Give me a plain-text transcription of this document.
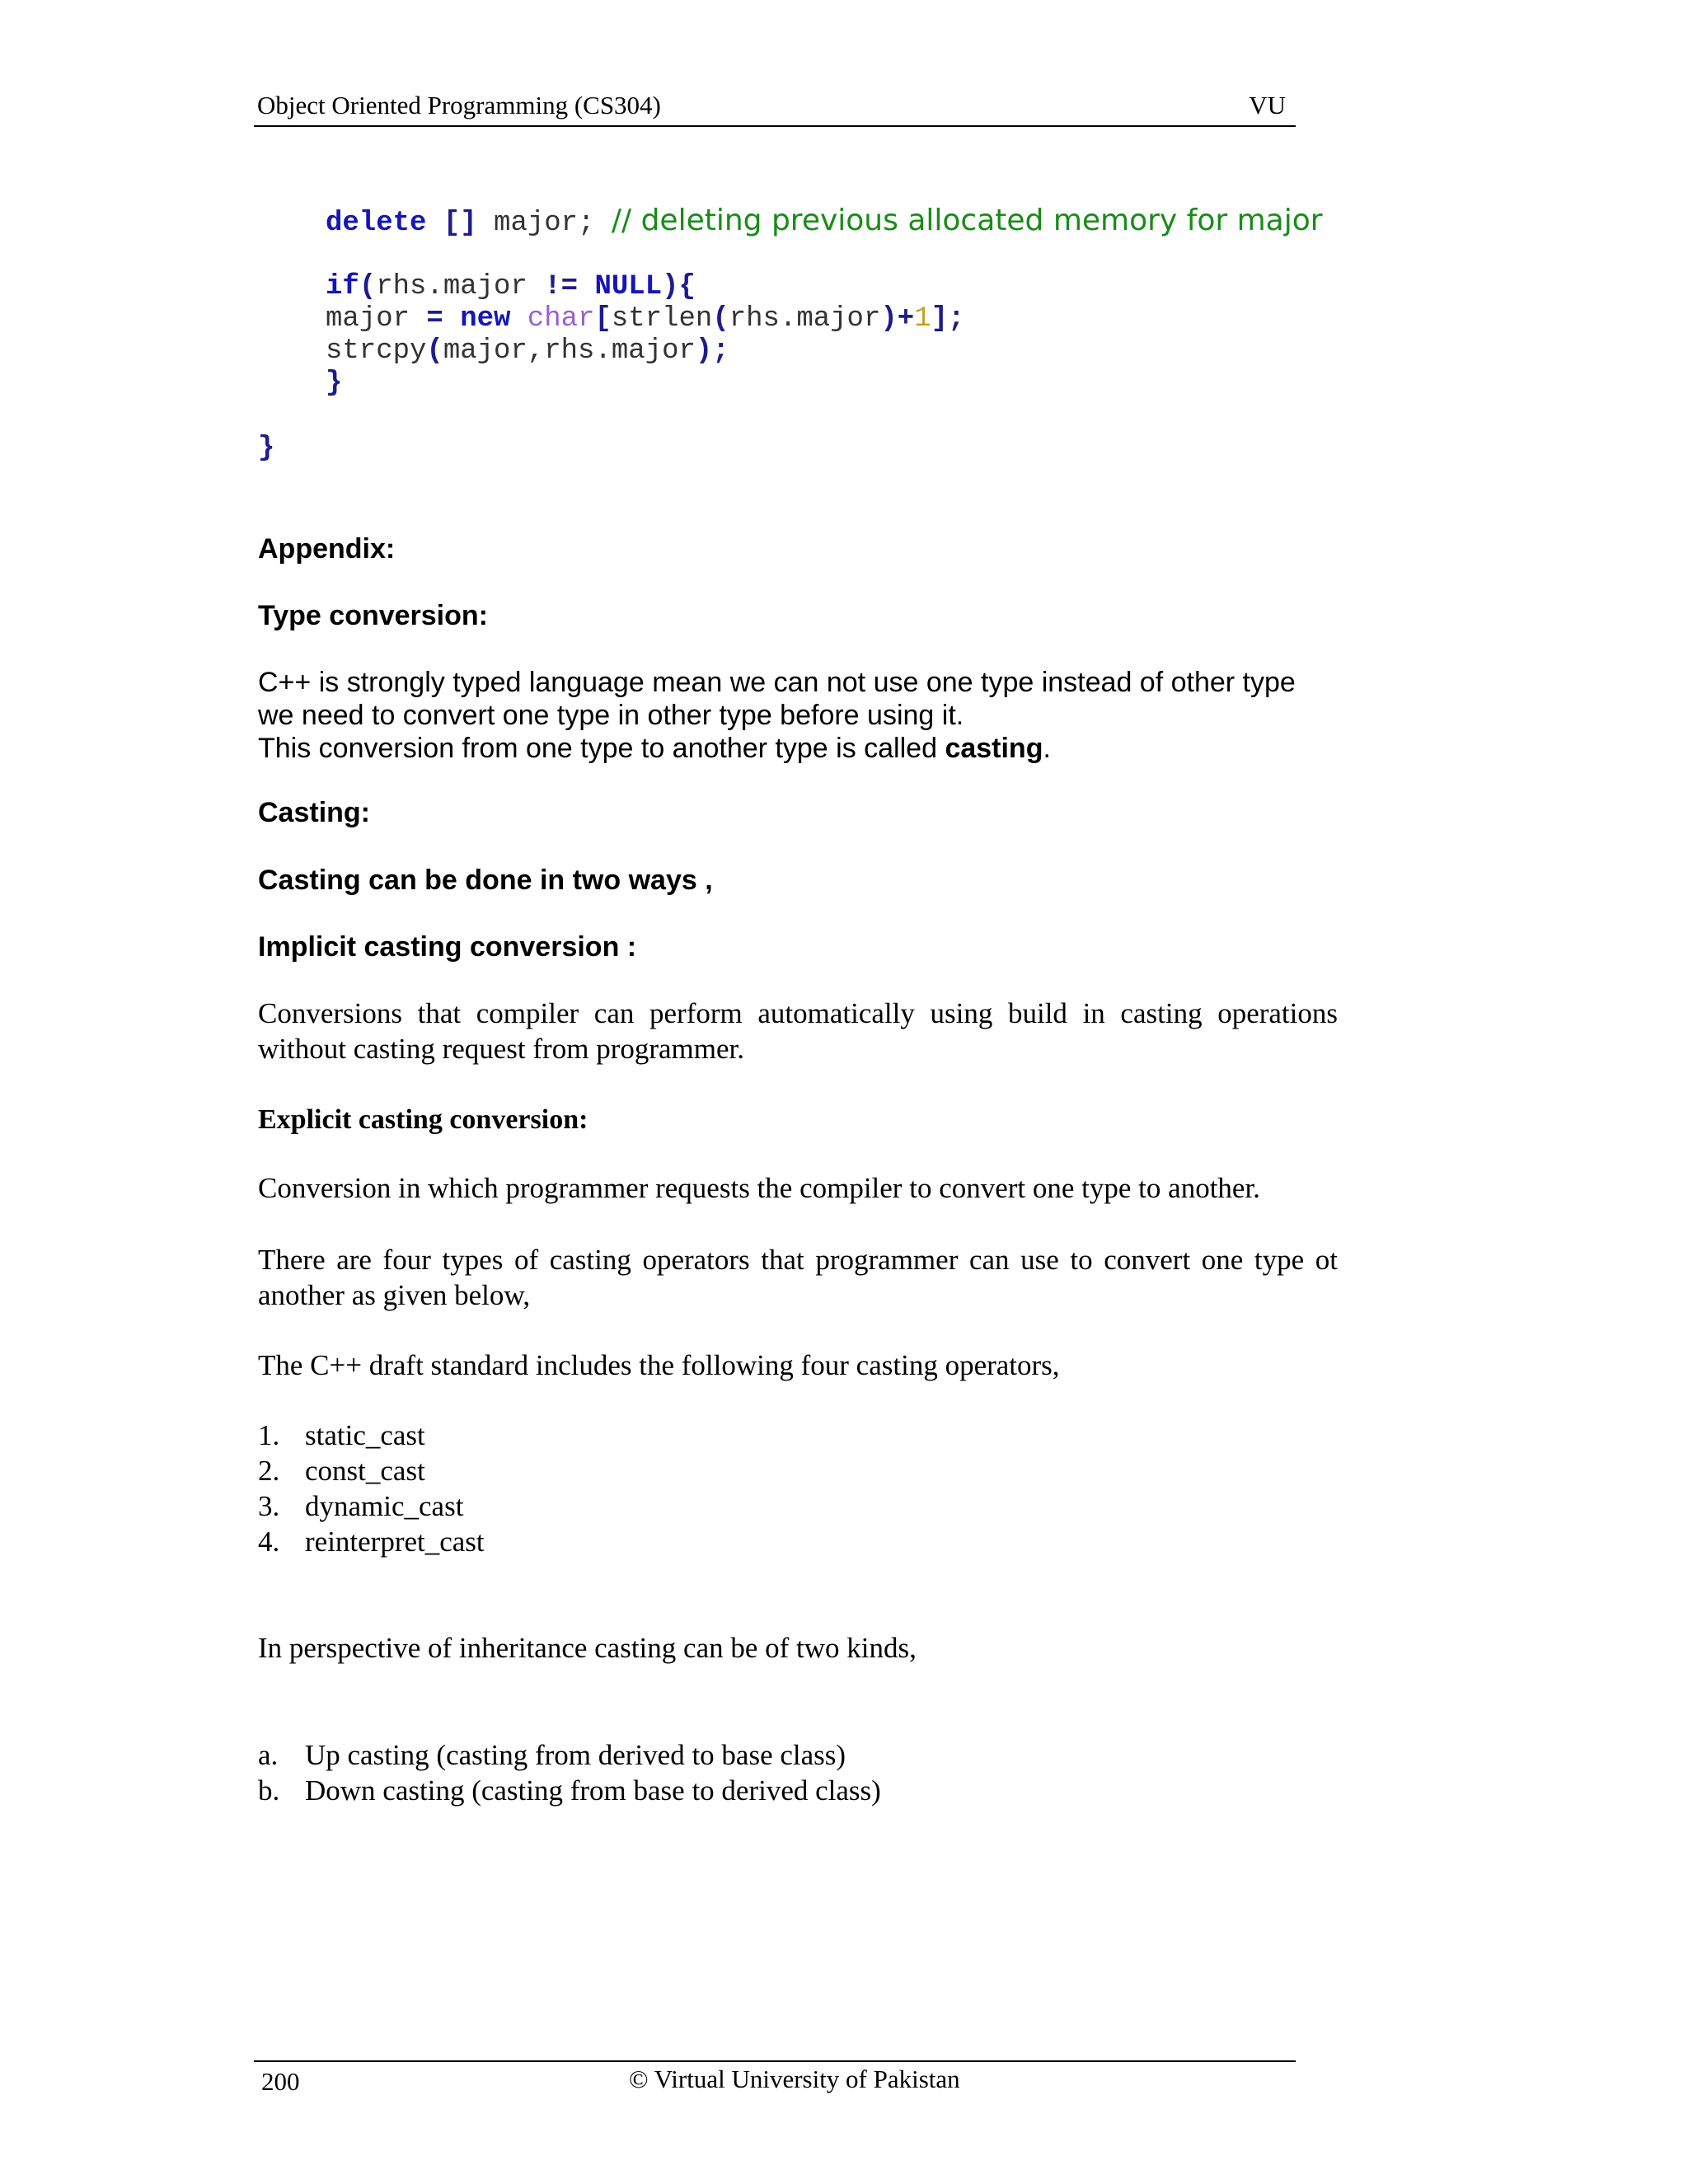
Object Oriented Programming (CS304)	VU
delete [] major; // deleting previous allocated memory for major
if(rhs.major != NULL){
major = new char[strlen(rhs.major)+1];
strcpy(major,rhs.major);
}
}
Appendix:
Type conversion:
C++ is strongly typed language mean we can not use one type instead of other type
we need to convert one type in other type before using it.
This conversion from one type to another type is called casting.
Casting:
Casting can be done in two ways ,
Implicit casting conversion :
Conversions that compiler can perform automatically using build in casting operations without casting request from programmer.
Explicit casting conversion:
Conversion in which programmer requests the compiler to convert one type to another.
There are four types of casting operators that programmer can use to convert one type ot another as given below,
The C++ draft standard includes the following four casting operators,
1. static_cast
2. const_cast
3. dynamic_cast
4. reinterpret_cast
In perspective of inheritance casting can be of two kinds,
a. Up casting (casting from derived to base class)
b. Down casting (casting from base to derived class)
200	© Virtual University of Pakistan
